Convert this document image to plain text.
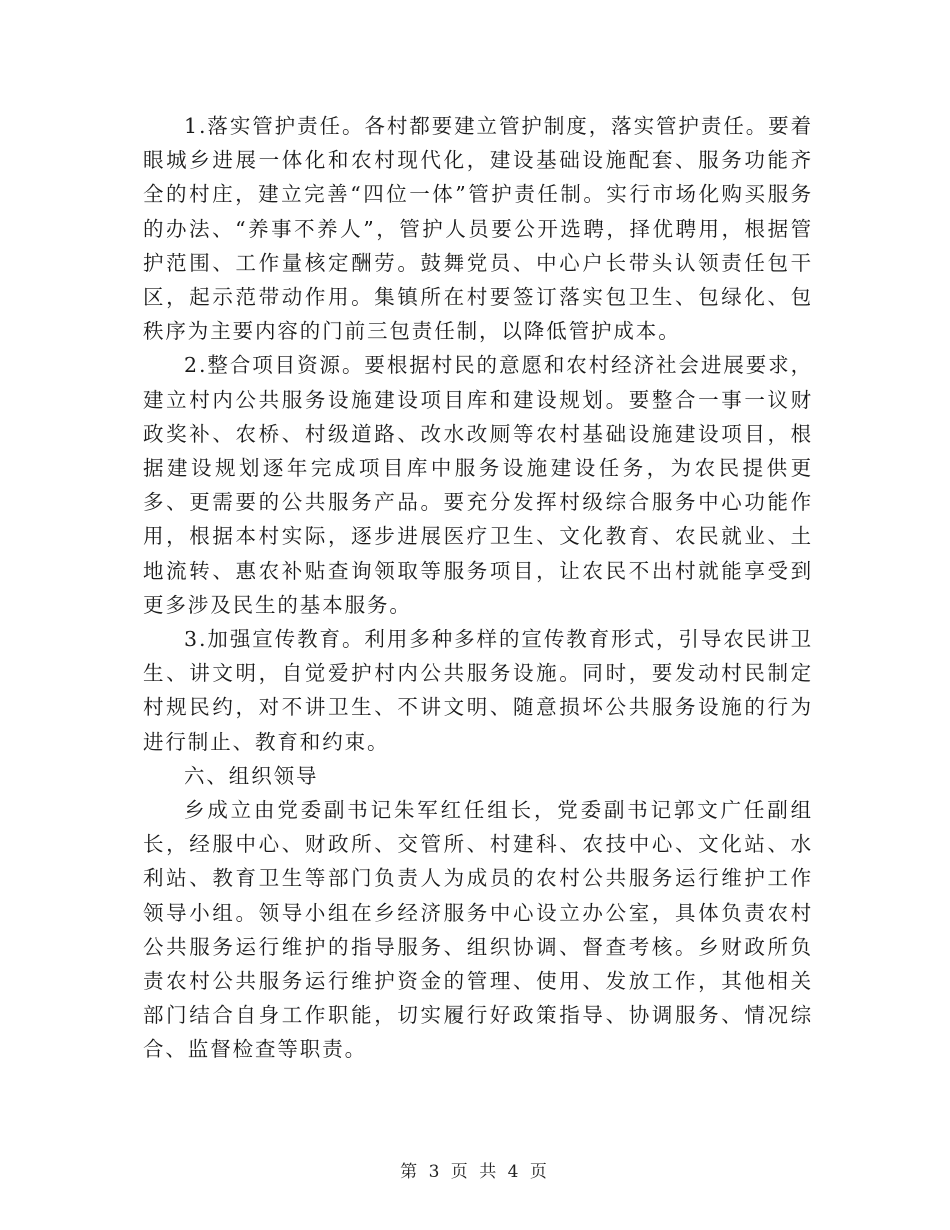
1.落实管护责任。各村都要建立管护制度，落实管护责任。要着眼城乡进展一体化和农村现代化，建设基础设施配套、服务功能齐全的村庄，建立完善“四位一体”管护责任制。实行市场化购买服务的办法、“养事不养人”，管护人员要公开选聘，择优聘用，根据管护范围、工作量核定酬劳。鼓舞党员、中心户长带头认领责任包干区，起示范带动作用。集镇所在村要签订落实包卫生、包绿化、包秩序为主要内容的门前三包责任制，以降低管护成本。

2.整合项目资源。要根据村民的意愿和农村经济社会进展要求，建立村内公共服务设施建设项目库和建设规划。要整合一事一议财政奖补、农桥、村级道路、改水改厕等农村基础设施建设项目，根据建设规划逐年完成项目库中服务设施建设任务，为农民提供更多、更需要的公共服务产品。要充分发挥村级综合服务中心功能作用，根据本村实际，逐步进展医疗卫生、文化教育、农民就业、土地流转、惠农补贴查询领取等服务项目，让农民不出村就能享受到更多涉及民生的基本服务。

3.加强宣传教育。利用多种多样的宣传教育形式，引导农民讲卫生、讲文明，自觉爱护村内公共服务设施。同时，要发动村民制定村规民约，对不讲卫生、不讲文明、随意损坏公共服务设施的行为进行制止、教育和约束。

六、组织领导

乡成立由党委副书记朱军红任组长，党委副书记郭文广任副组长，经服中心、财政所、交管所、村建科、农技中心、文化站、水利站、教育卫生等部门负责人为成员的农村公共服务运行维护工作领导小组。领导小组在乡经济服务中心设立办公室，具体负责农村公共服务运行维护的指导服务、组织协调、督查考核。乡财政所负责农村公共服务运行维护资金的管理、使用、发放工作，其他相关部门结合自身工作职能，切实履行好政策指导、协调服务、情况综合、监督检查等职责。

第 3 页 共 4 页
